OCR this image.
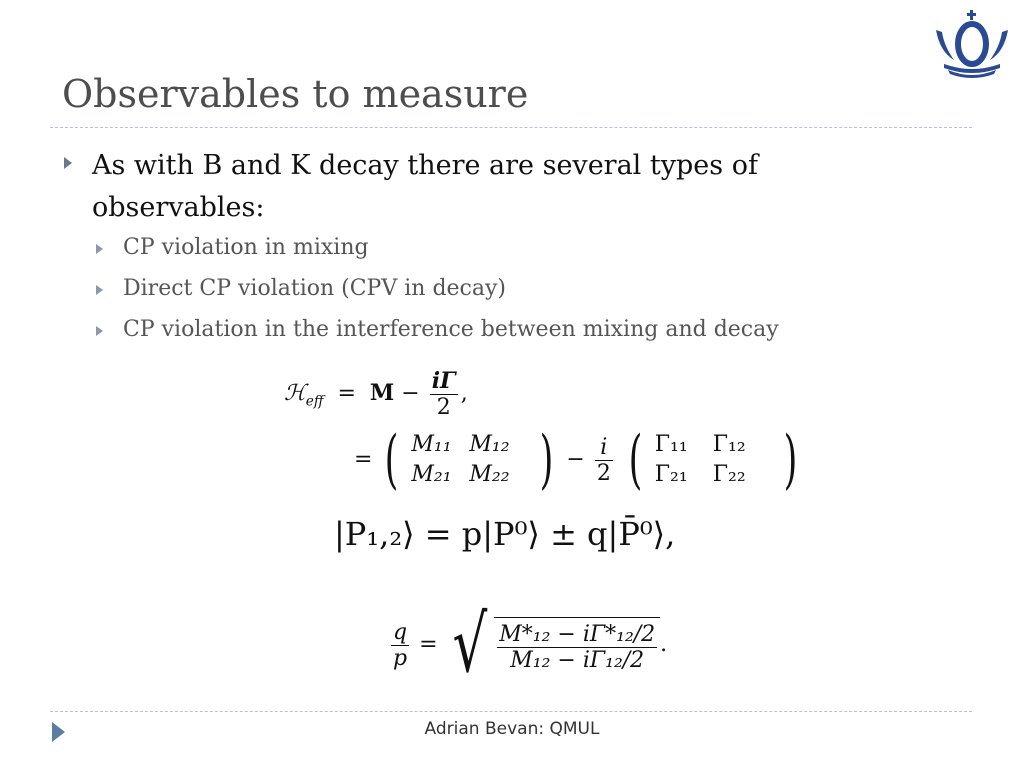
Observables to measure
As with B and K decay there are several types of observables:
CP violation in mixing
Direct CP violation (CPV in decay)
CP violation in the interference between mixing and decay
ℋ$_{eff}$ = $M - \frac{i\Gamma}{2}$ ,
= ( M₁₁ M₁₂
M₂₁ M₂₂ ) − $\frac{i}{2}$ ( Γ₁₁ Γ₁₂
Γ₂₁ Γ₂₂ )
|P₁,₂⟩ = p|P⁰⟩ ± q|P̄⁰⟩,
$\frac{q}{p}$ = √ $\frac{\text{M*₁₂ − iΓ*₁₂/2}}{\text{M₁₂ − iΓ₁₂/2}}$ .
Adrian Bevan: QMUL
